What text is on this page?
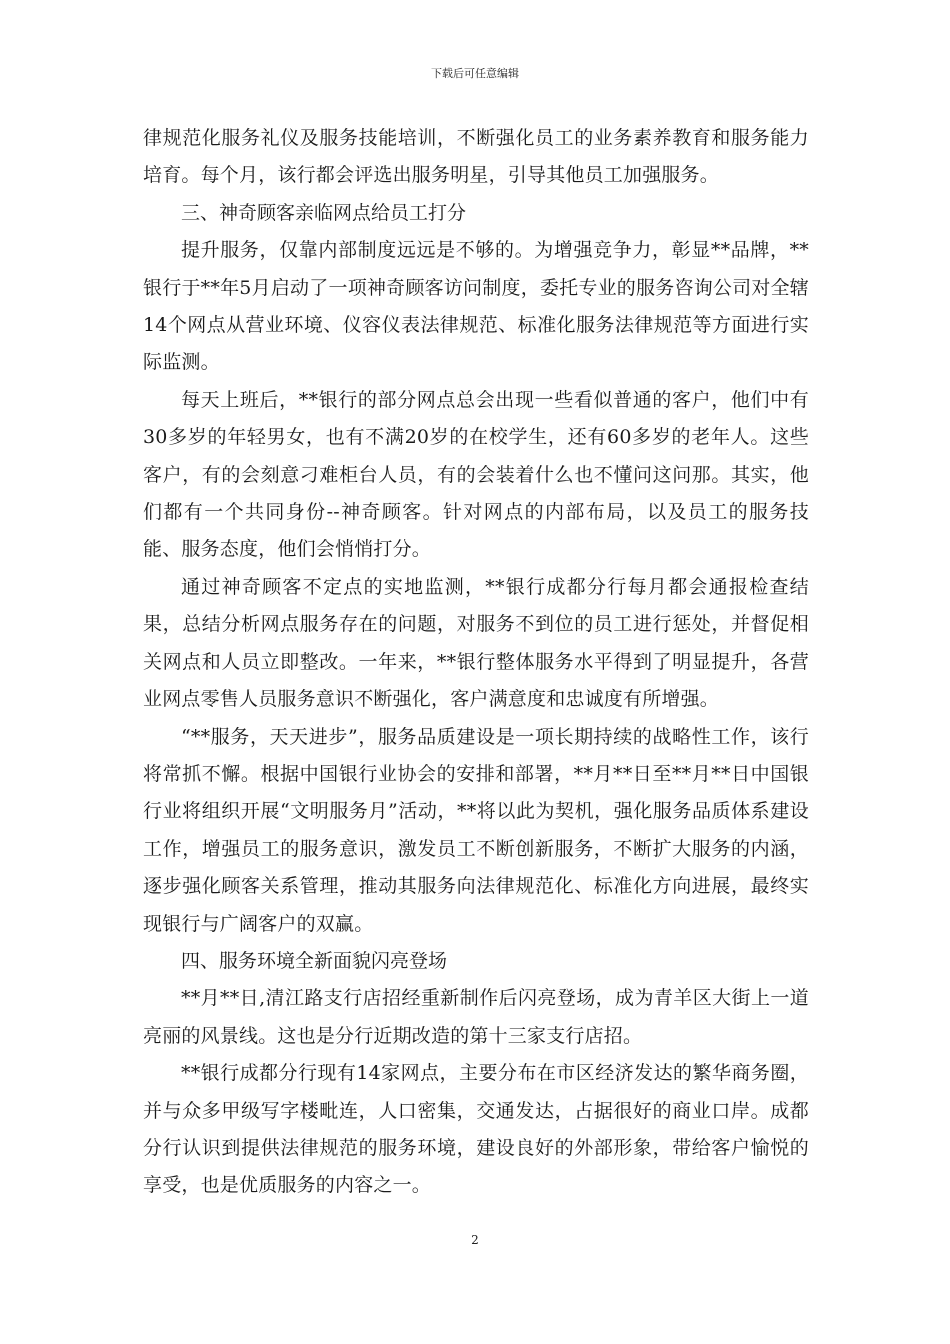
下载后可任意编辑

律规范化服务礼仪及服务技能培训，不断强化员工的业务素养教育和服务能力培育。每个月，该行都会评选出服务明星，引导其他员工加强服务。

三、神奇顾客亲临网点给员工打分

提升服务，仅靠内部制度远远是不够的。为增强竞争力，彰显**品牌，**银行于**年5月启动了一项神奇顾客访问制度，委托专业的服务咨询公司对全辖14个网点从营业环境、仪容仪表法律规范、标准化服务法律规范等方面进行实际监测。

每天上班后，**银行的部分网点总会出现一些看似普通的客户，他们中有30多岁的年轻男女，也有不满20岁的在校学生，还有60多岁的老年人。这些客户，有的会刻意刁难柜台人员，有的会装着什么也不懂问这问那。其实，他们都有一个共同身份--神奇顾客。针对网点的内部布局，以及员工的服务技能、服务态度，他们会悄悄打分。

通过神奇顾客不定点的实地监测，**银行成都分行每月都会通报检查结果，总结分析网点服务存在的问题，对服务不到位的员工进行惩处，并督促相关网点和人员立即整改。一年来，**银行整体服务水平得到了明显提升，各营业网点零售人员服务意识不断强化，客户满意度和忠诚度有所增强。

“**服务，天天进步”，服务品质建设是一项长期持续的战略性工作，该行将常抓不懈。根据中国银行业协会的安排和部署，**月**日至**月**日中国银行业将组织开展“文明服务月”活动，**将以此为契机，强化服务品质体系建设工作，增强员工的服务意识，激发员工不断创新服务，不断扩大服务的内涵，逐步强化顾客关系管理，推动其服务向法律规范化、标准化方向进展，最终实现银行与广阔客户的双赢。

四、服务环境全新面貌闪亮登场

**月**日,清江路支行店招经重新制作后闪亮登场，成为青羊区大街上一道亮丽的风景线。这也是分行近期改造的第十三家支行店招。

**银行成都分行现有14家网点，主要分布在市区经济发达的繁华商务圈，并与众多甲级写字楼毗连，人口密集，交通发达，占据很好的商业口岸。成都分行认识到提供法律规范的服务环境，建设良好的外部形象，带给客户愉悦的享受，也是优质服务的内容之一。

2
